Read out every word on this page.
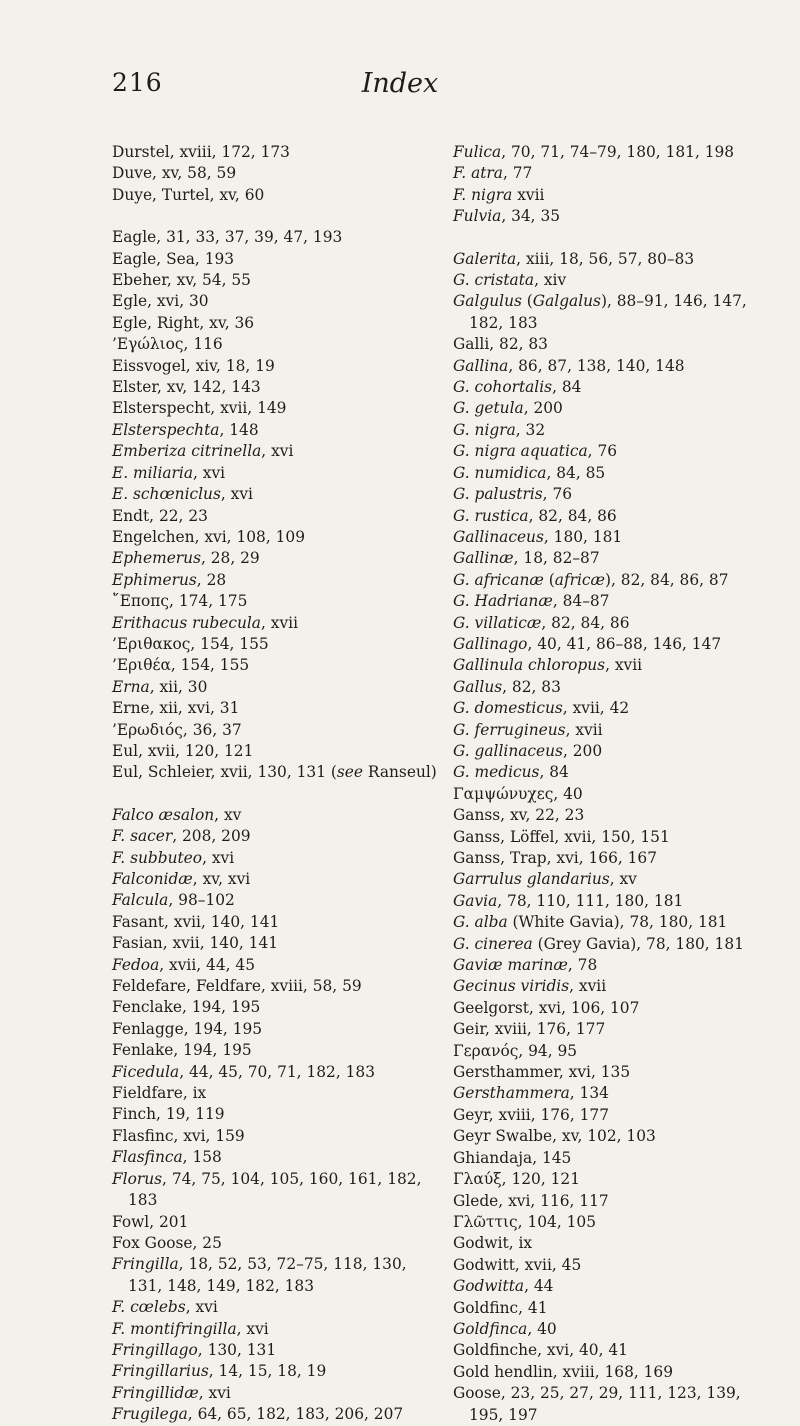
216	Index
Durstel, xviii, 172, 173
Duve, xv, 58, 59
Duye, Turtel, xv, 60
Eagle, 31, 33, 37, 39, 47, 193
Eagle, Sea, 193
Ebeher, xv, 54, 55
Egle, xvi, 30
Egle, Right, xv, 36
’Εγώλιος, 116
Eissvogel, xiv, 18, 19
Elster, xv, 142, 143
Elsterspecht, xvii, 149
Elsterspechta, 148
Emberiza citrinella, xvi
E. miliaria, xvi
E. schœniclus, xvi
Endt, 22, 23
Engelchen, xvi, 108, 109
Ephemerus, 28, 29
Ephimerus, 28
῎Εποπς, 174, 175
Erithacus rubecula, xvii
’Εριθακος, 154, 155
’Εριθέα, 154, 155
Erna, xii, 30
Erne, xii, xvi, 31
’Ερωδιός, 36, 37
Eul, xvii, 120, 121
Eul, Schleier, xvii, 130, 131 (see Ranseul)
Falco æsalon, xv
F. sacer, 208, 209
F. subbuteo, xvi
Falconidæ, xv, xvi
Falcula, 98–102
Fasant, xvii, 140, 141
Fasian, xvii, 140, 141
Fedoa, xvii, 44, 45
Feldefare, Feldfare, xviii, 58, 59
Fenclake, 194, 195
Fenlagge, 194, 195
Fenlake, 194, 195
Ficedula, 44, 45, 70, 71, 182, 183
Fieldfare, ix
Finch, 19, 119
Flasfinc, xvi, 159
Flasfinca, 158
Florus, 74, 75, 104, 105, 160, 161, 182, 183
Fowl, 201
Fox Goose, 25
Fringilla, 18, 52, 53, 72–75, 118, 130, 131, 148, 149, 182, 183
F. cœlebs, xvi
F. montifringilla, xvi
Fringillago, 130, 131
Fringillarius, 14, 15, 18, 19
Fringillidæ, xvi
Frugilega, 64, 65, 182, 183, 206, 207
Fulica, 70, 71, 74–79, 180, 181, 198
F. atra, 77
F. nigra xvii
Fulvia, 34, 35
Galerita, xiii, 18, 56, 57, 80–83
G. cristata, xiv
Galgulus (Galgalus), 88–91, 146, 147, 182, 183
Galli, 82, 83
Gallina, 86, 87, 138, 140, 148
G. cohortalis, 84
G. getula, 200
G. nigra, 32
G. nigra aquatica, 76
G. numidica, 84, 85
G. palustris, 76
G. rustica, 82, 84, 86
Gallinaceus, 180, 181
Gallinæ, 18, 82–87
G. africanæ (africæ), 82, 84, 86, 87
G. Hadrianæ, 84–87
G. villaticæ, 82, 84, 86
Gallinago, 40, 41, 86–88, 146, 147
Gallinula chloropus, xvii
Gallus, 82, 83
G. domesticus, xvii, 42
G. ferrugineus, xvii
G. gallinaceus, 200
G. medicus, 84
Γαμψώνυχες, 40
Ganss, xv, 22, 23
Ganss, Löffel, xvii, 150, 151
Ganss, Trap, xvi, 166, 167
Garrulus glandarius, xv
Gavia, 78, 110, 111, 180, 181
G. alba (White Gavia), 78, 180, 181
G. cinerea (Grey Gavia), 78, 180, 181
Gaviæ marinæ, 78
Gecinus viridis, xvii
Geelgorst, xvi, 106, 107
Geir, xviii, 176, 177
Γερανός, 94, 95
Gersthammer, xvi, 135
Gersthammera, 134
Geyr, xviii, 176, 177
Geyr Swalbe, xv, 102, 103
Ghiandaja, 145
Γλαύξ, 120, 121
Glede, xvi, 116, 117
Γλῶττις, 104, 105
Godwit, ix
Godwitt, xvii, 45
Godwitta, 44
Goldfinc, 41
Goldfinca, 40
Goldfinche, xvi, 40, 41
Gold hendlin, xviii, 168, 169
Goose, 23, 25, 27, 29, 111, 123, 139, 195, 197
